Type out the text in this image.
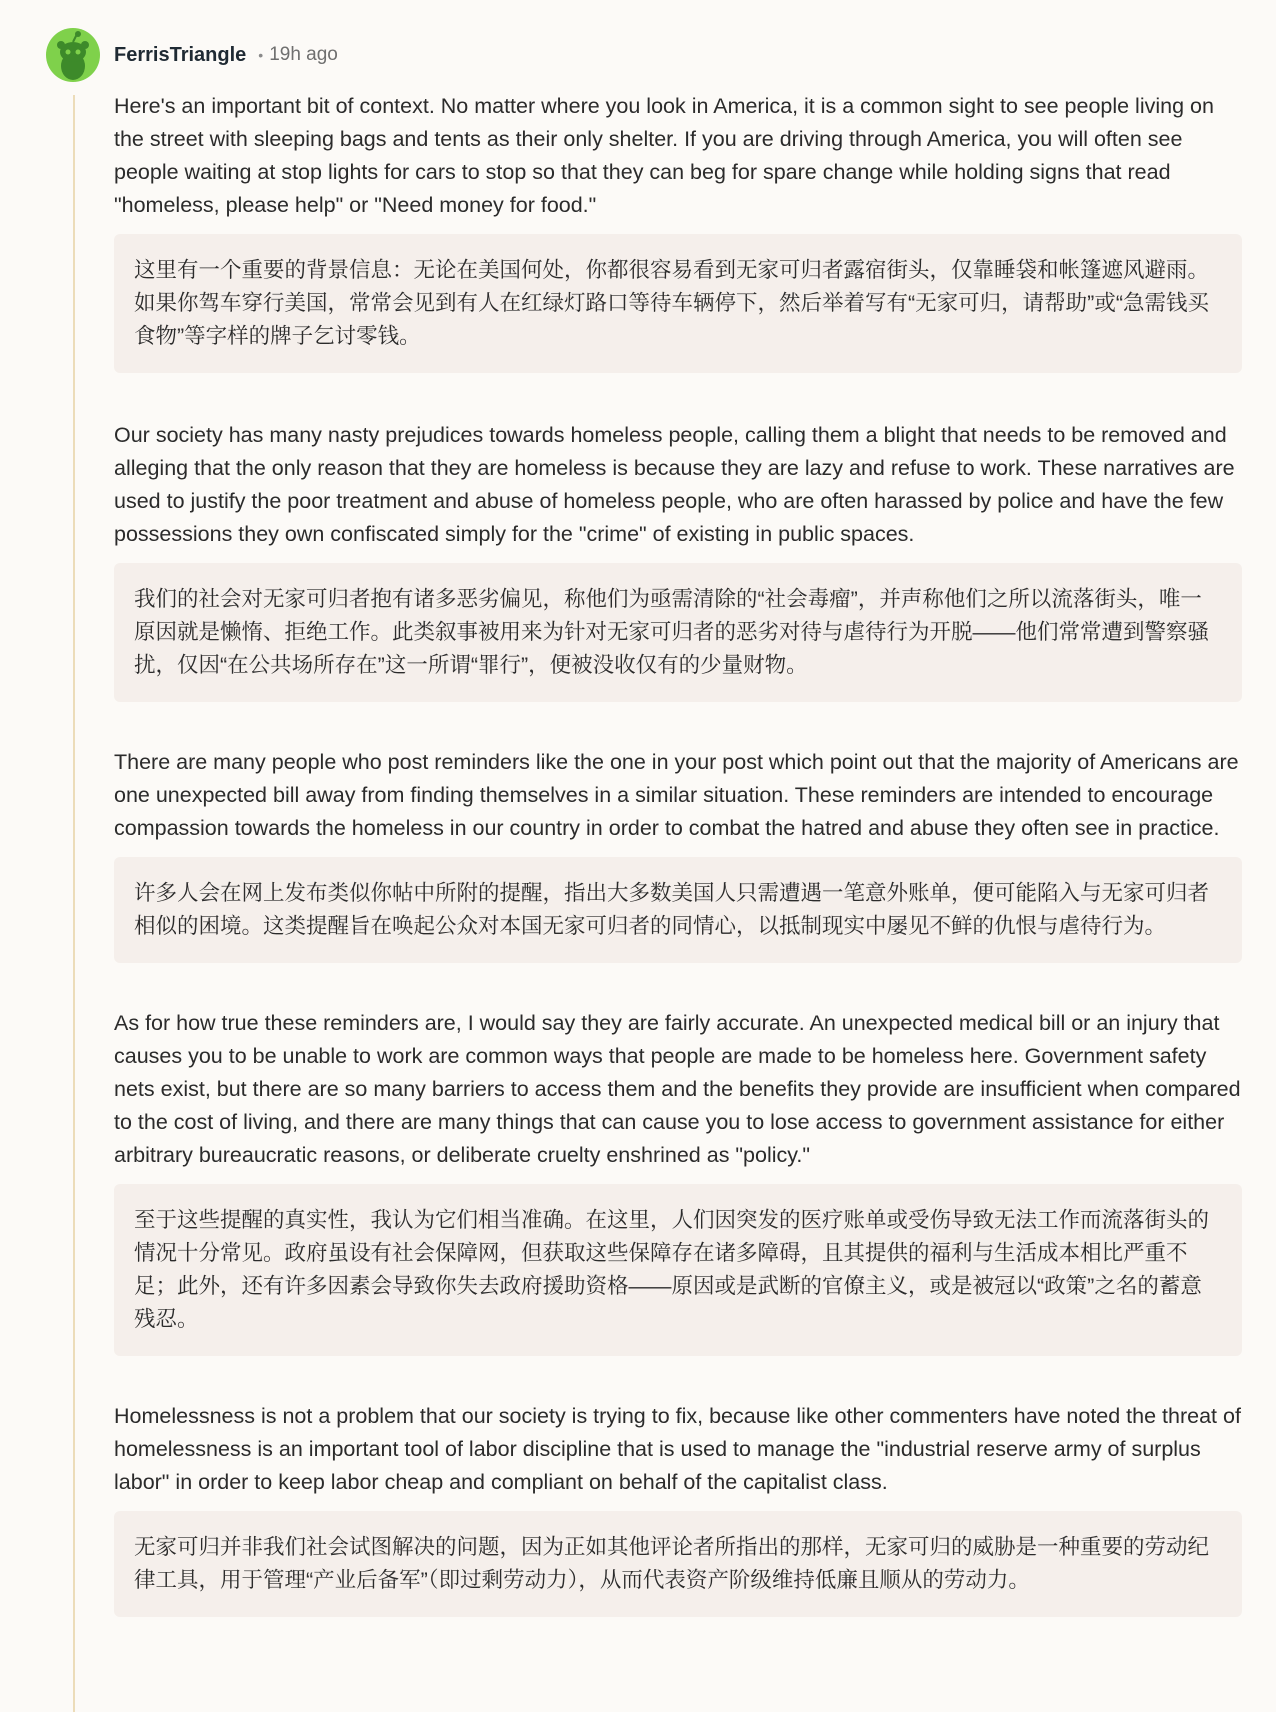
FerrisTriangle • 19h ago

Here's an important bit of context. No matter where you look in America, it is a common sight to see people living on the street with sleeping bags and tents as their only shelter. If you are driving through America, you will often see people waiting at stop lights for cars to stop so that they can beg for spare change while holding signs that read "homeless, please help" or "Need money for food."

这里有一个重要的背景信息：无论在美国何处，你都很容易看到无家可归者露宿街头，仅靠睡袋和帐篷遮风避雨。如果你驾车穿行美国，常常会见到有人在红绿灯路口等待车辆停下，然后举着写有“无家可归，请帮助”或“急需钱买食物”等字样的牌子乞讨零钱。

Our society has many nasty prejudices towards homeless people, calling them a blight that needs to be removed and alleging that the only reason that they are homeless is because they are lazy and refuse to work. These narratives are used to justify the poor treatment and abuse of homeless people, who are often harassed by police and have the few possessions they own confiscated simply for the "crime" of existing in public spaces.

我们的社会对无家可归者抱有诸多恶劣偏见，称他们为亟需清除的“社会毒瘤”，并声称他们之所以流落街头，唯一原因就是懒惰、拒绝工作。此类叙事被用来为针对无家可归者的恶劣对待与虐待行为开脱——他们常常遭到警察骚扰，仅因“在公共场所存在”这一所谓“罪行”，便被没收仅有的少量财物。

There are many people who post reminders like the one in your post which point out that the majority of Americans are one unexpected bill away from finding themselves in a similar situation. These reminders are intended to encourage compassion towards the homeless in our country in order to combat the hatred and abuse they often see in practice.

许多人会在网上发布类似你帖中所附的提醒，指出大多数美国人只需遭遇一笔意外账单，便可能陷入与无家可归者相似的困境。这类提醒旨在唤起公众对本国无家可归者的同情心，以抵制现实中屡见不鲜的仇恨与虐待行为。

As for how true these reminders are, I would say they are fairly accurate. An unexpected medical bill or an injury that causes you to be unable to work are common ways that people are made to be homeless here. Government safety nets exist, but there are so many barriers to access them and the benefits they provide are insufficient when compared to the cost of living, and there are many things that can cause you to lose access to government assistance for either arbitrary bureaucratic reasons, or deliberate cruelty enshrined as "policy."

至于这些提醒的真实性，我认为它们相当准确。在这里，人们因突发的医疗账单或受伤导致无法工作而流落街头的情况十分常见。政府虽设有社会保障网，但获取这些保障存在诸多障碍，且其提供的福利与生活成本相比严重不足；此外，还有许多因素会导致你失去政府援助资格——原因或是武断的官僚主义，或是被冠以“政策”之名的蓄意残忍。

Homelessness is not a problem that our society is trying to fix, because like other commenters have noted the threat of homelessness is an important tool of labor discipline that is used to manage the "industrial reserve army of surplus labor" in order to keep labor cheap and compliant on behalf of the capitalist class.

无家可归并非我们社会试图解决的问题，因为正如其他评论者所指出的那样，无家可归的威胁是一种重要的劳动纪律工具，用于管理“产业后备军”（即过剩劳动力），从而代表资产阶级维持低廉且顺从的劳动力。
